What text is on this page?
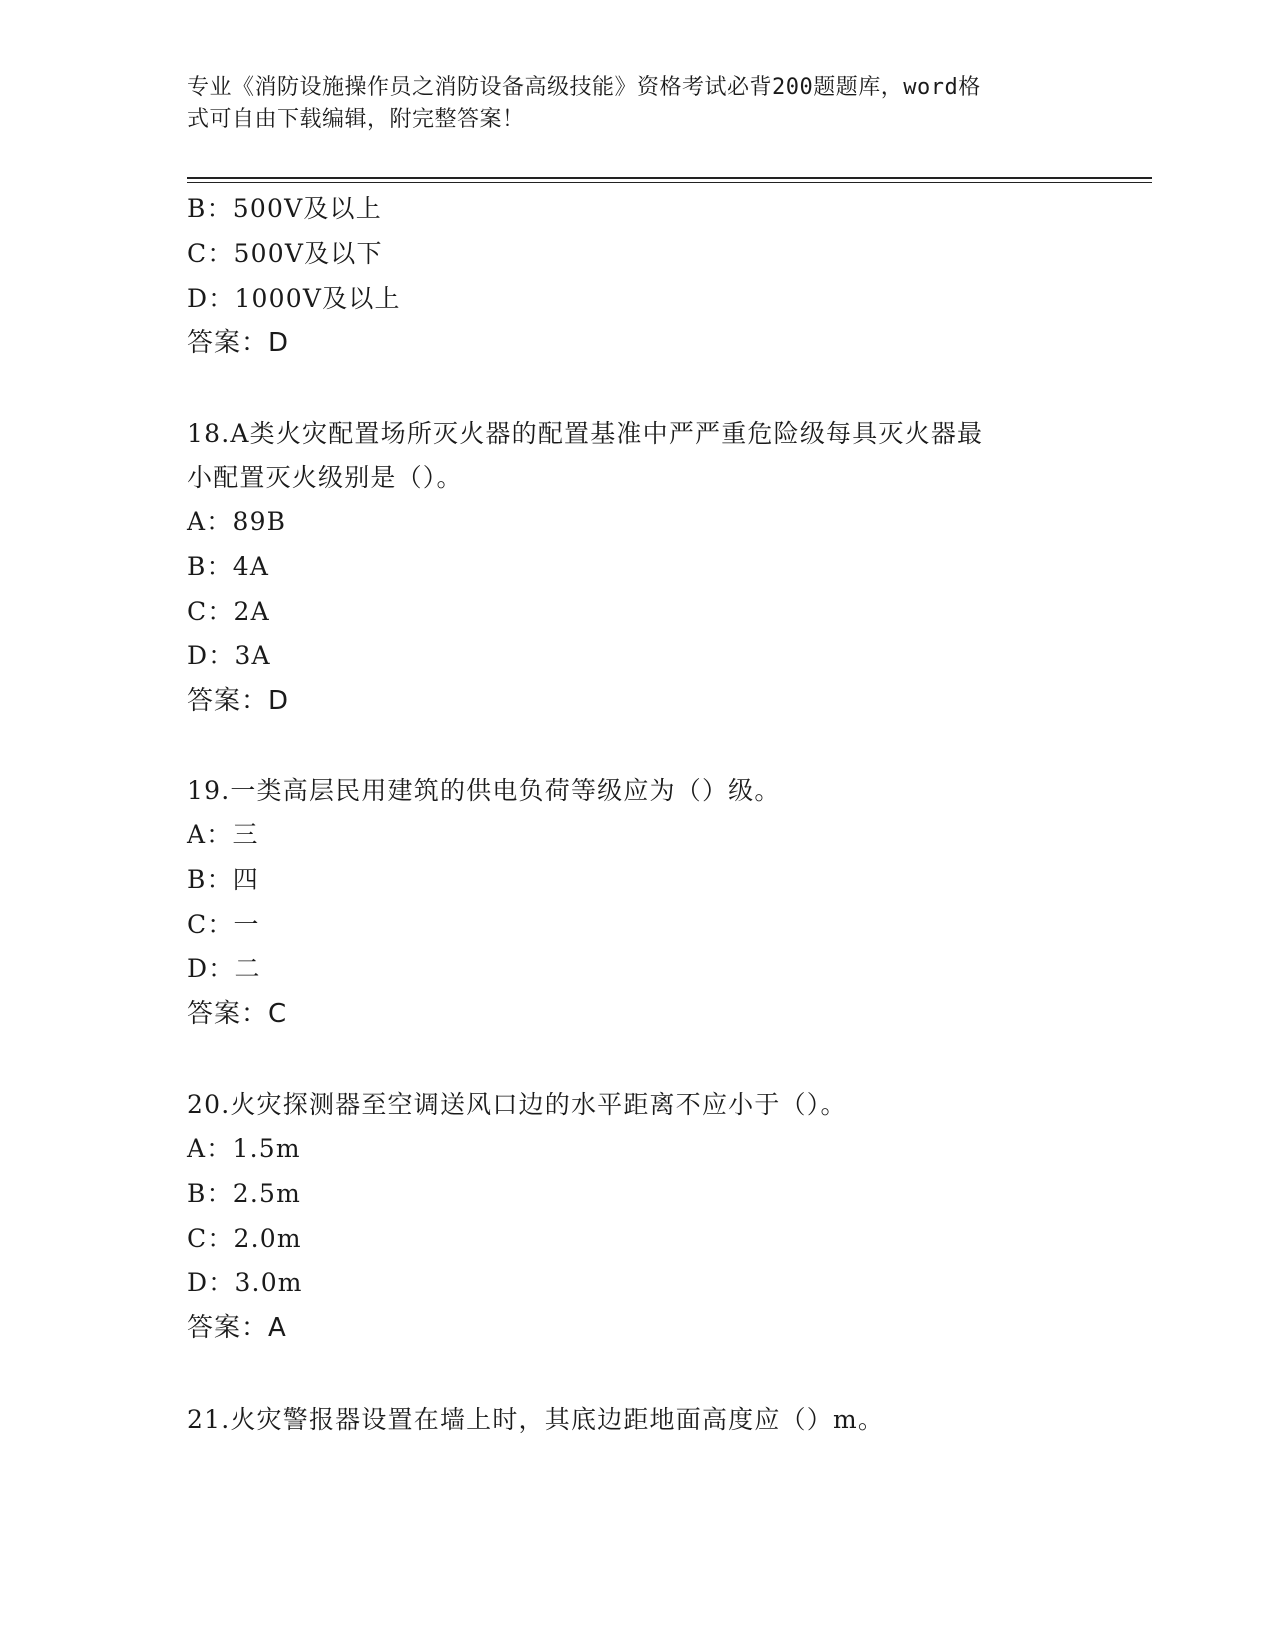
专业《消防设施操作员之消防设备高级技能》资格考试必背200题题库，word格
式可自由下载编辑，附完整答案！
B：500V及以上
C：500V及以下
D：1000V及以上
答案：D
18.A类火灾配置场所灭火器的配置基准中严严重危险级每具灭火器最
小配置灭火级别是（）。
A：89B
B：4A
C：2A
D：3A
答案：D
19.一类高层民用建筑的供电负荷等级应为（）级。
A：三
B：四
C：一
D：二
答案：C
20.火灾探测器至空调送风口边的水平距离不应小于（）。
A：1.5m
B：2.5m
C：2.0m
D：3.0m
答案：A
21.火灾警报器设置在墙上时，其底边距地面高度应（）m。
